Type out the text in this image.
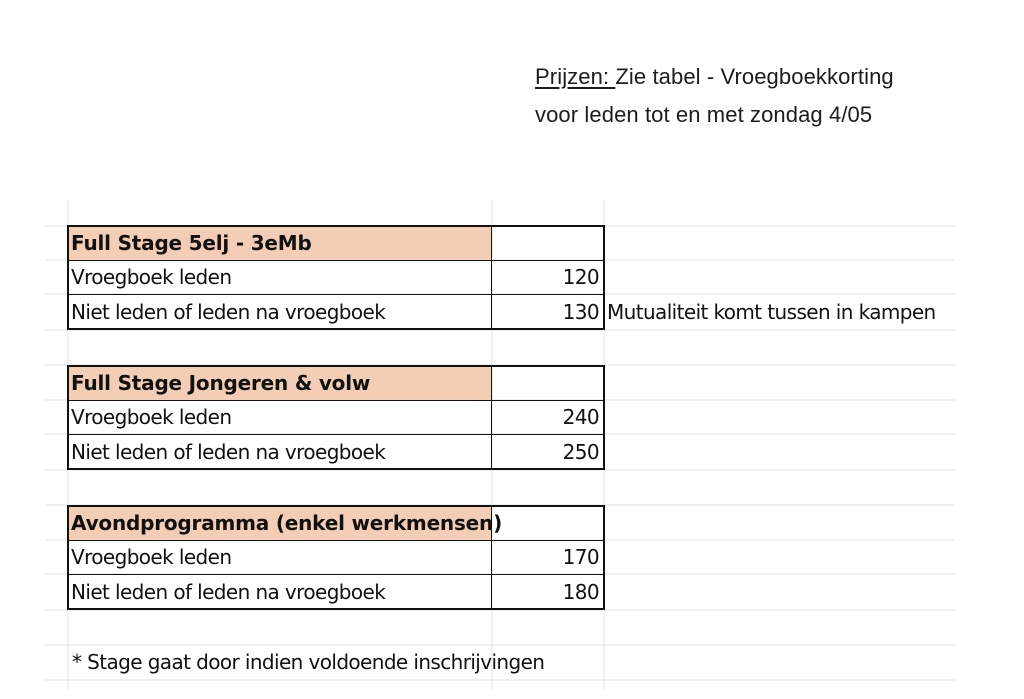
Prijzen: Zie tabel - Vroegboekkorting
voor leden tot en met zondag 4/05
Full Stage 5elj - 3eMb
Vroegboek leden	120
Niet leden of leden na vroegboek	130 Mutualiteit komt tussen in kampen
Full Stage Jongeren & volw
Vroegboek leden	240
Niet leden of leden na vroegboek	250
Avondprogramma (enkel werkmensen)
Vroegboek leden	170
Niet leden of leden na vroegboek	180
* Stage gaat door indien voldoende inschrijvingen
